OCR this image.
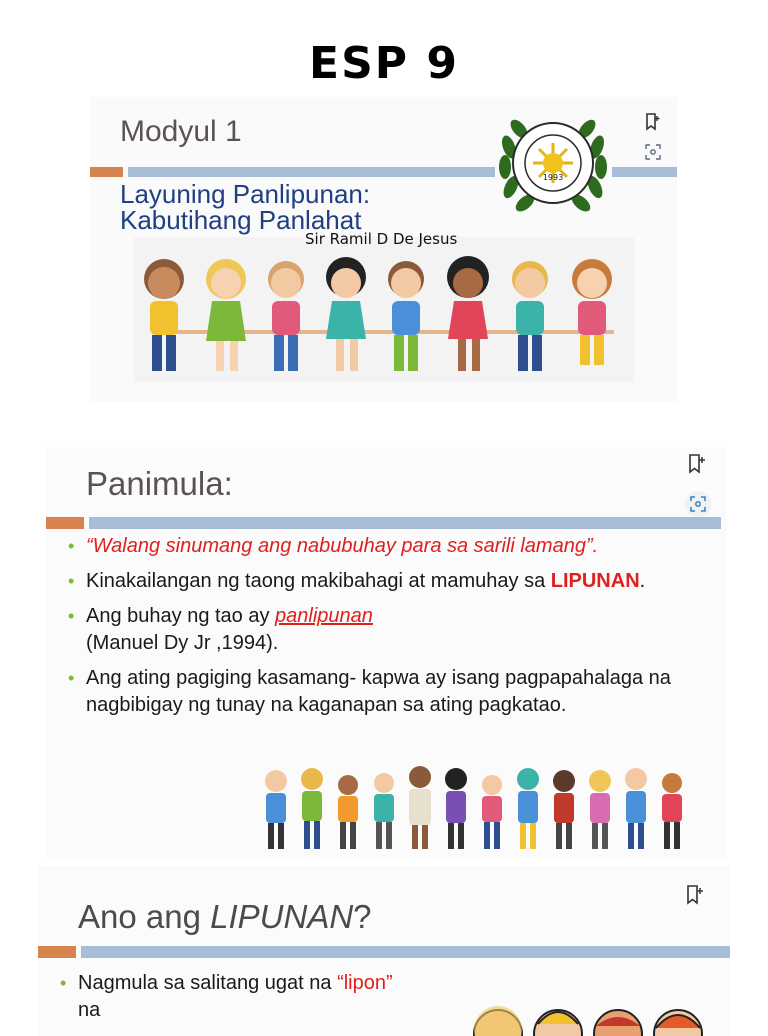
ESP 9
Modyul 1
Layuning Panlipunan:
Kabutihang Panlahat
1993
Sir Ramil D De Jesus
Panimula:
• “Walang sinumang ang nabubuhay para sa sarili lamang”.
• Kinakailangan ng taong makibahagi at mamuhay sa LIPUNAN.
• Ang buhay ng tao ay panlipunan
(Manuel Dy Jr ,1994).
• Ang ating pagiging kasamang- kapwa ay isang pagpapahalaga na nagbibigay ng tunay na kaganapan sa ating pagkatao.
Ano ang LIPUNAN?
• Nagmula sa salitang ugat na “lipon”
na
